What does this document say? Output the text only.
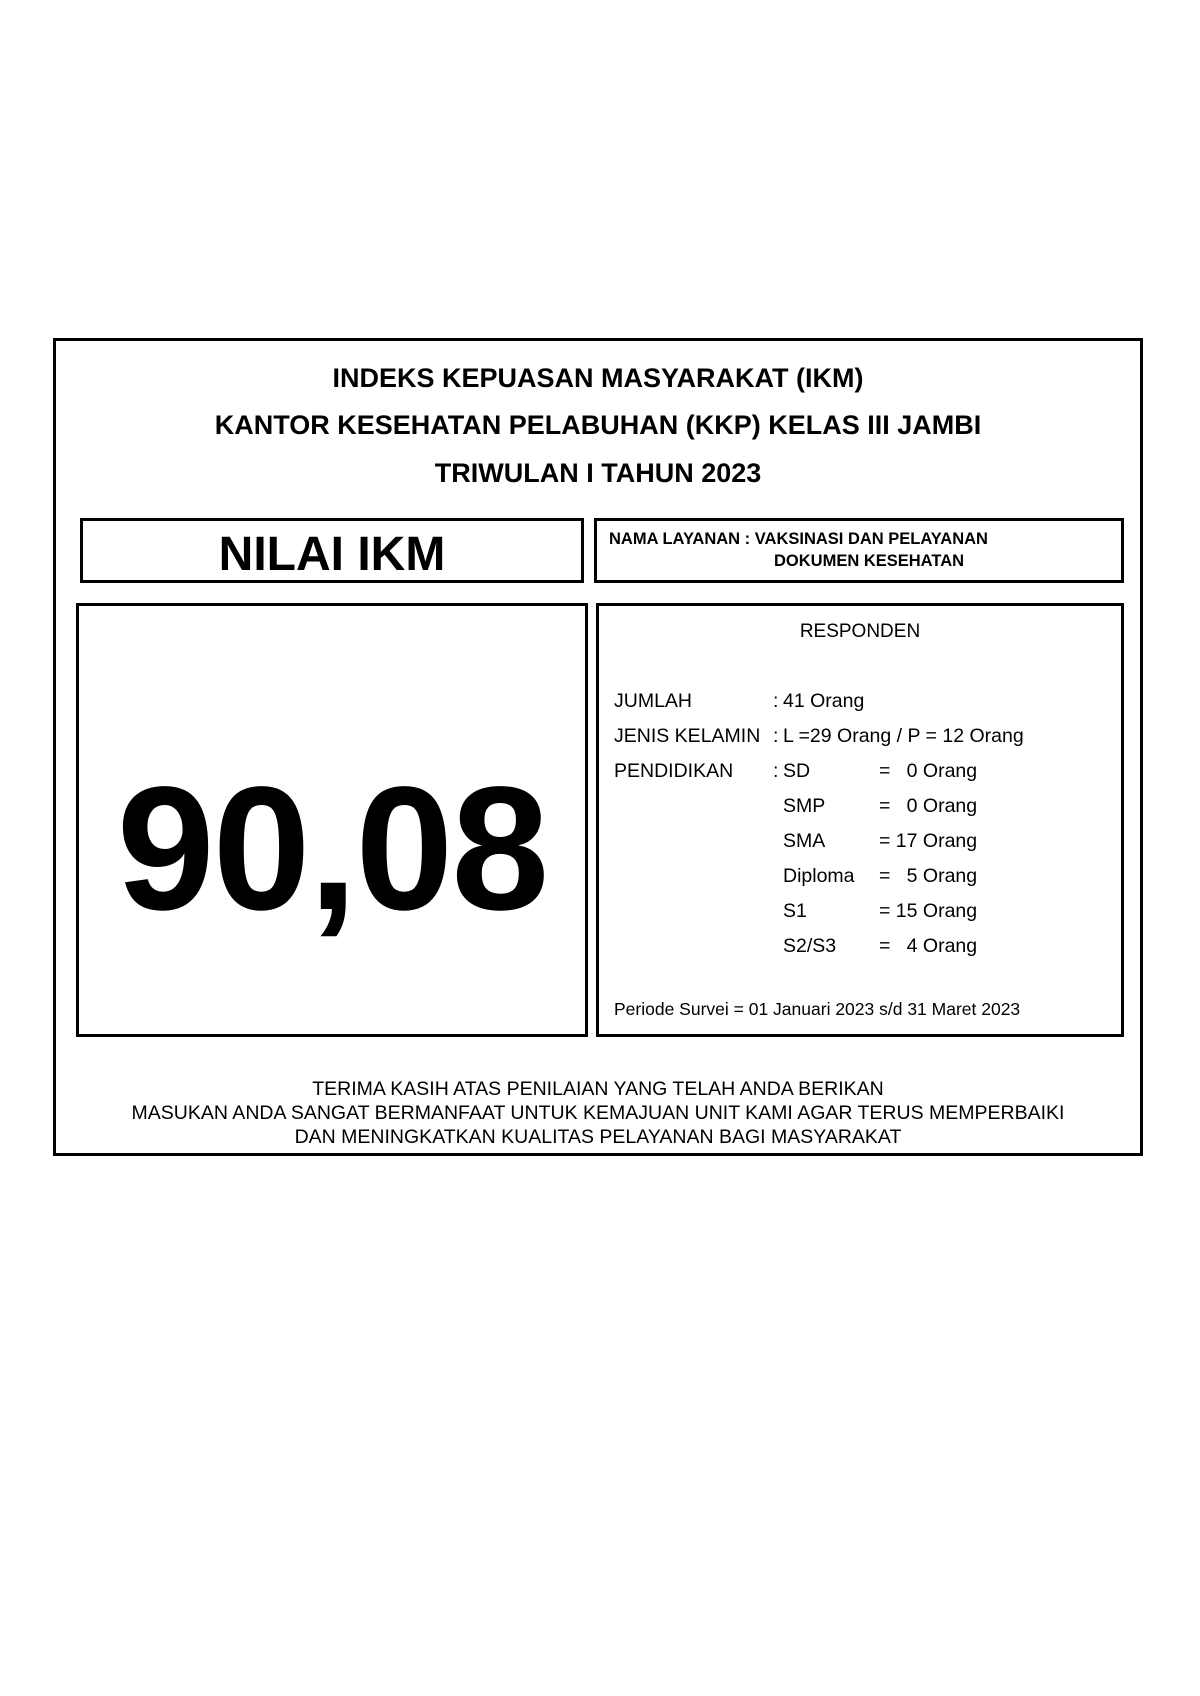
INDEKS KEPUASAN MASYARAKAT (IKM)
KANTOR KESEHATAN PELABUHAN (KKP) KELAS III JAMBI
TRIWULAN I TAHUN 2023
NILAI IKM	NAMA LAYANAN : VAKSINASI DAN PELAYANAN
DOKUMEN KESEHATAN
90,08
RESPONDEN
JUMLAH	: 41 Orang
JENIS KELAMIN : L =29 Orang / P = 12 Orang
PENDIDIKAN : SD	=   0 Orang
SMP	=   0 Orang
SMA	= 17 Orang
Diploma =   5 Orang
S1	= 15 Orang
S2/S3 =   4 Orang
Periode Survei = 01 Januari 2023 s/d 31 Maret 2023
TERIMA KASIH ATAS PENILAIAN YANG TELAH ANDA BERIKAN
MASUKAN ANDA SANGAT BERMANFAAT UNTUK KEMAJUAN UNIT KAMI AGAR TERUS MEMPERBAIKI
DAN MENINGKATKAN KUALITAS PELAYANAN BAGI MASYARAKAT
